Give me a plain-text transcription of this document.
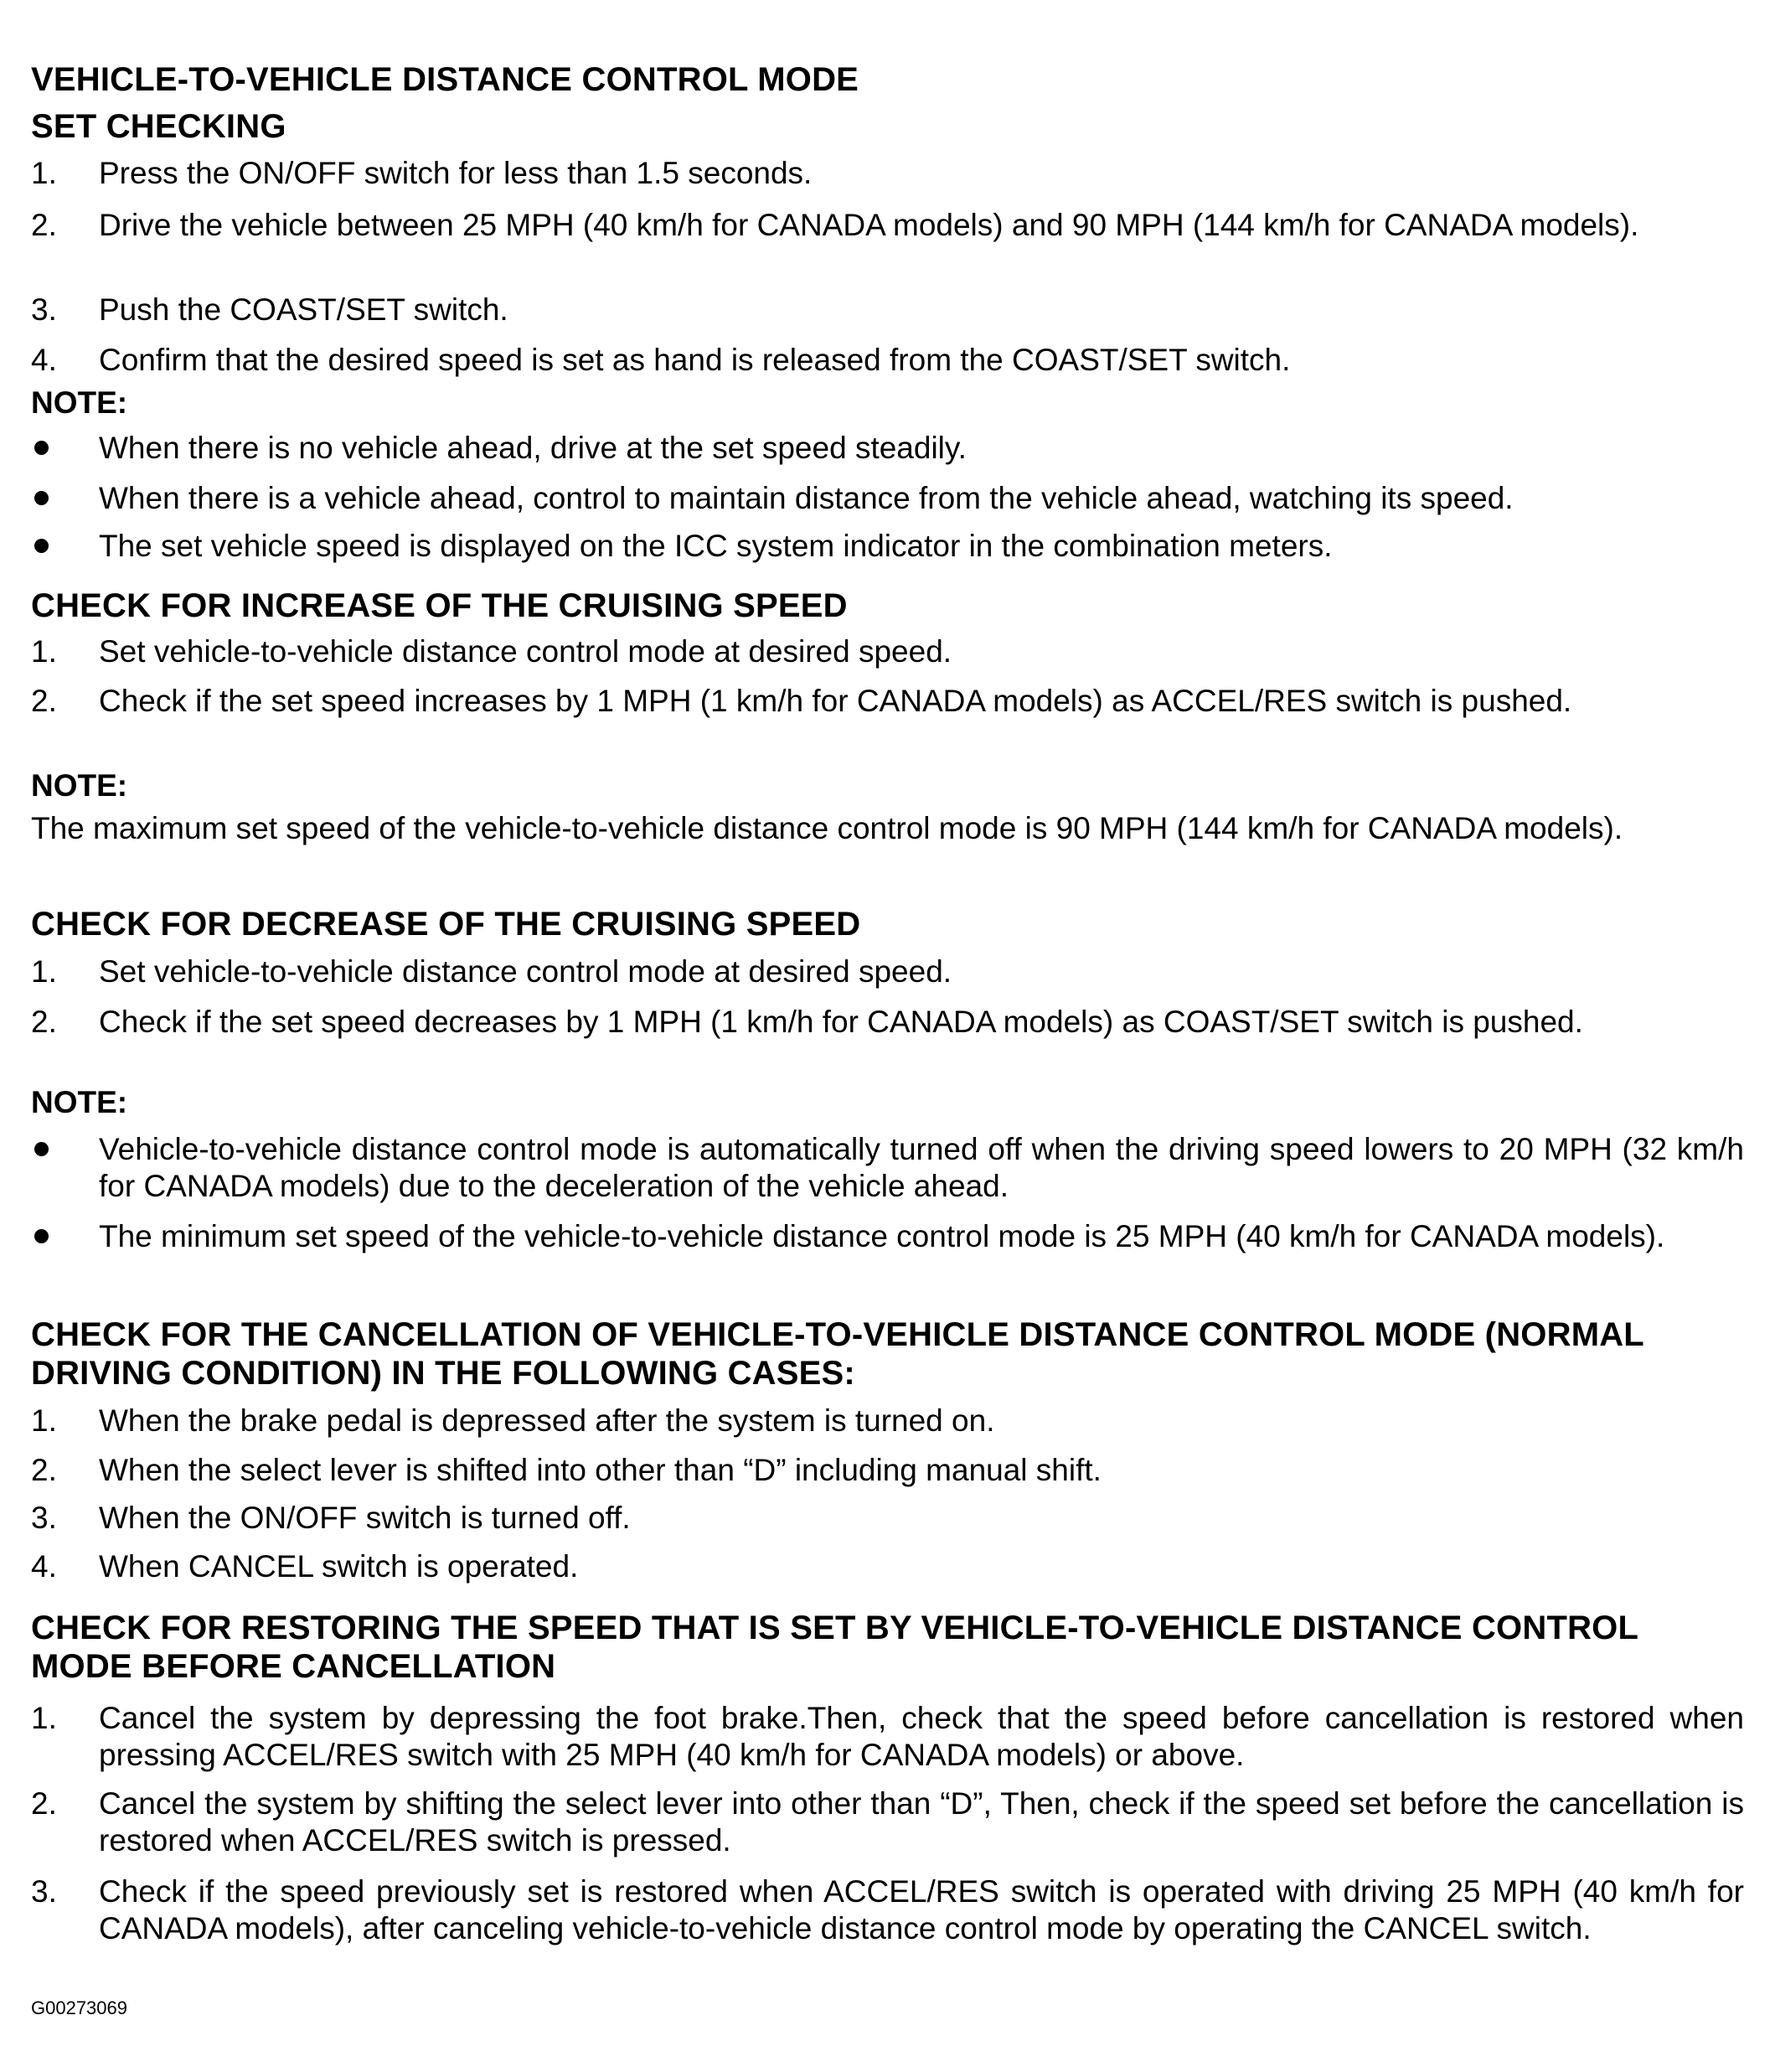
VEHICLE-TO-VEHICLE DISTANCE CONTROL MODE
SET CHECKING
1.	Press the ON/OFF switch for less than 1.5 seconds.
2.	Drive the vehicle between 25 MPH (40 km/h for CANADA models) and 90 MPH (144 km/h for CANADA models).
3.	Push the COAST/SET switch.
4.	Confirm that the desired speed is set as hand is released from the COAST/SET switch.

NOTE:

When there is no vehicle ahead, drive at the set speed steadily.
When there is a vehicle ahead, control to maintain distance from the vehicle ahead, watching its speed.
The set vehicle speed is displayed on the ICC system indicator in the combination meters.
CHECK FOR INCREASE OF THE CRUISING SPEED
1.	Set vehicle-to-vehicle distance control mode at desired speed.
2.	Check if the set speed increases by 1 MPH (1 km/h for CANADA models) as ACCEL/RES switch is pushed.

NOTE:

The maximum set speed of the vehicle-to-vehicle distance control mode is 90 MPH (144 km/h for CANADA models).

CHECK FOR DECREASE OF THE CRUISING SPEED
1.	Set vehicle-to-vehicle distance control mode at desired speed.
2.	Check if the set speed decreases by 1 MPH (1 km/h for CANADA models) as COAST/SET switch is pushed.

NOTE:

Vehicle-to-vehicle distance control mode is automatically turned off when the driving speed lowers to 20 MPH (32 km/h for CANADA models) due to the deceleration of the vehicle ahead.
The minimum set speed of the vehicle-to-vehicle distance control mode is 25 MPH (40 km/h for CANADA models).
CHECK FOR THE CANCELLATION OF VEHICLE-TO-VEHICLE DISTANCE CONTROL MODE (NORMAL DRIVING CONDITION) IN THE FOLLOWING CASES:
1.	When the brake pedal is depressed after the system is turned on.
2.	When the select lever is shifted into other than “D” including manual shift.
3.	When the ON/OFF switch is turned off.
4.	When CANCEL switch is operated.
CHECK FOR RESTORING THE SPEED THAT IS SET BY VEHICLE-TO-VEHICLE DISTANCE CONTROL MODE BEFORE CANCELLATION
1.	Cancel the system by depressing the foot brake.Then, check that the speed before cancellation is restored when pressing ACCEL/RES switch with 25 MPH (40 km/h for CANADA models) or above.
2.	Cancel the system by shifting the select lever into other than “D”, Then, check if the speed set before the cancellation is restored when ACCEL/RES switch is pressed.
3.	Check if the speed previously set is restored when ACCEL/RES switch is operated with driving 25 MPH (40 km/h for CANADA models), after canceling vehicle-to-vehicle distance control mode by operating the CANCEL switch.
G00273069
